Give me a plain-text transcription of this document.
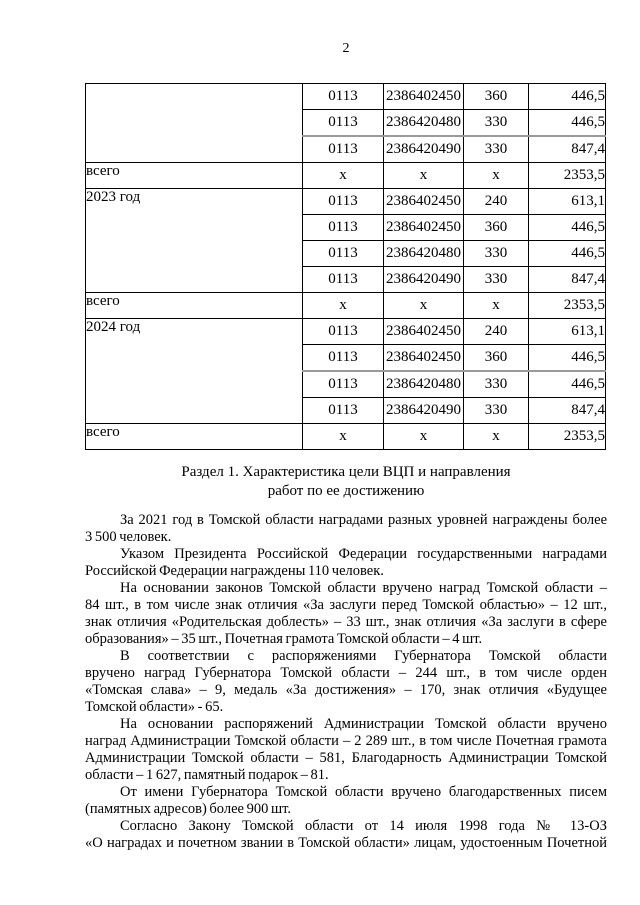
2
	0113	2386402450	360	446,5
	0113	2386420480	330	446,5
	0113	2386420490	330	847,4
всего	x	x	x	2353,5
2023 год	0113	2386402450	240	613,1
	0113	2386402450	360	446,5
	0113	2386420480	330	446,5
	0113	2386420490	330	847,4
всего	x	x	x	2353,5
2024 год	0113	2386402450	240	613,1
	0113	2386402450	360	446,5
	0113	2386420480	330	446,5
	0113	2386420490	330	847,4
всего	x	x	x	2353,5
Раздел 1. Характеристика цели ВЦП и направления
работ по ее достижению
За 2021 год в Томской области наградами разных уровней награждены более
3 500 человек.
Указом Президента Российской Федерации государственными наградами
Российской Федерации награждены 110 человек.
На основании законов Томской области вручено наград Томской области –
84 шт., в том числе знак отличия «За заслуги перед Томской областью» – 12 шт.,
знак отличия «Родительская доблесть» – 33 шт., знак отличия «За заслуги в сфере
образования» – 35 шт., Почетная грамота Томской области – 4 шт.
В соответствии с распоряжениями Губернатора Томской области
вручено наград Губернатора Томской области – 244 шт., в том числе орден
«Томская слава» – 9, медаль «За достижения» – 170, знак отличия «Будущее
Томской области» - 65.
На основании распоряжений Администрации Томской области вручено
наград Администрации Томской области – 2 289 шт., в том числе Почетная грамота
Администрации Томской области – 581, Благодарность Администрации Томской
области – 1 627, памятный подарок – 81.
От имени Губернатора Томской области вручено благодарственных писем
(памятных адресов) более 900 шт.
Согласно Закону Томской области от 14 июля 1998 года № 13-ОЗ
«О наградах и почетном звании в Томской области» лицам, удостоенным Почетной
